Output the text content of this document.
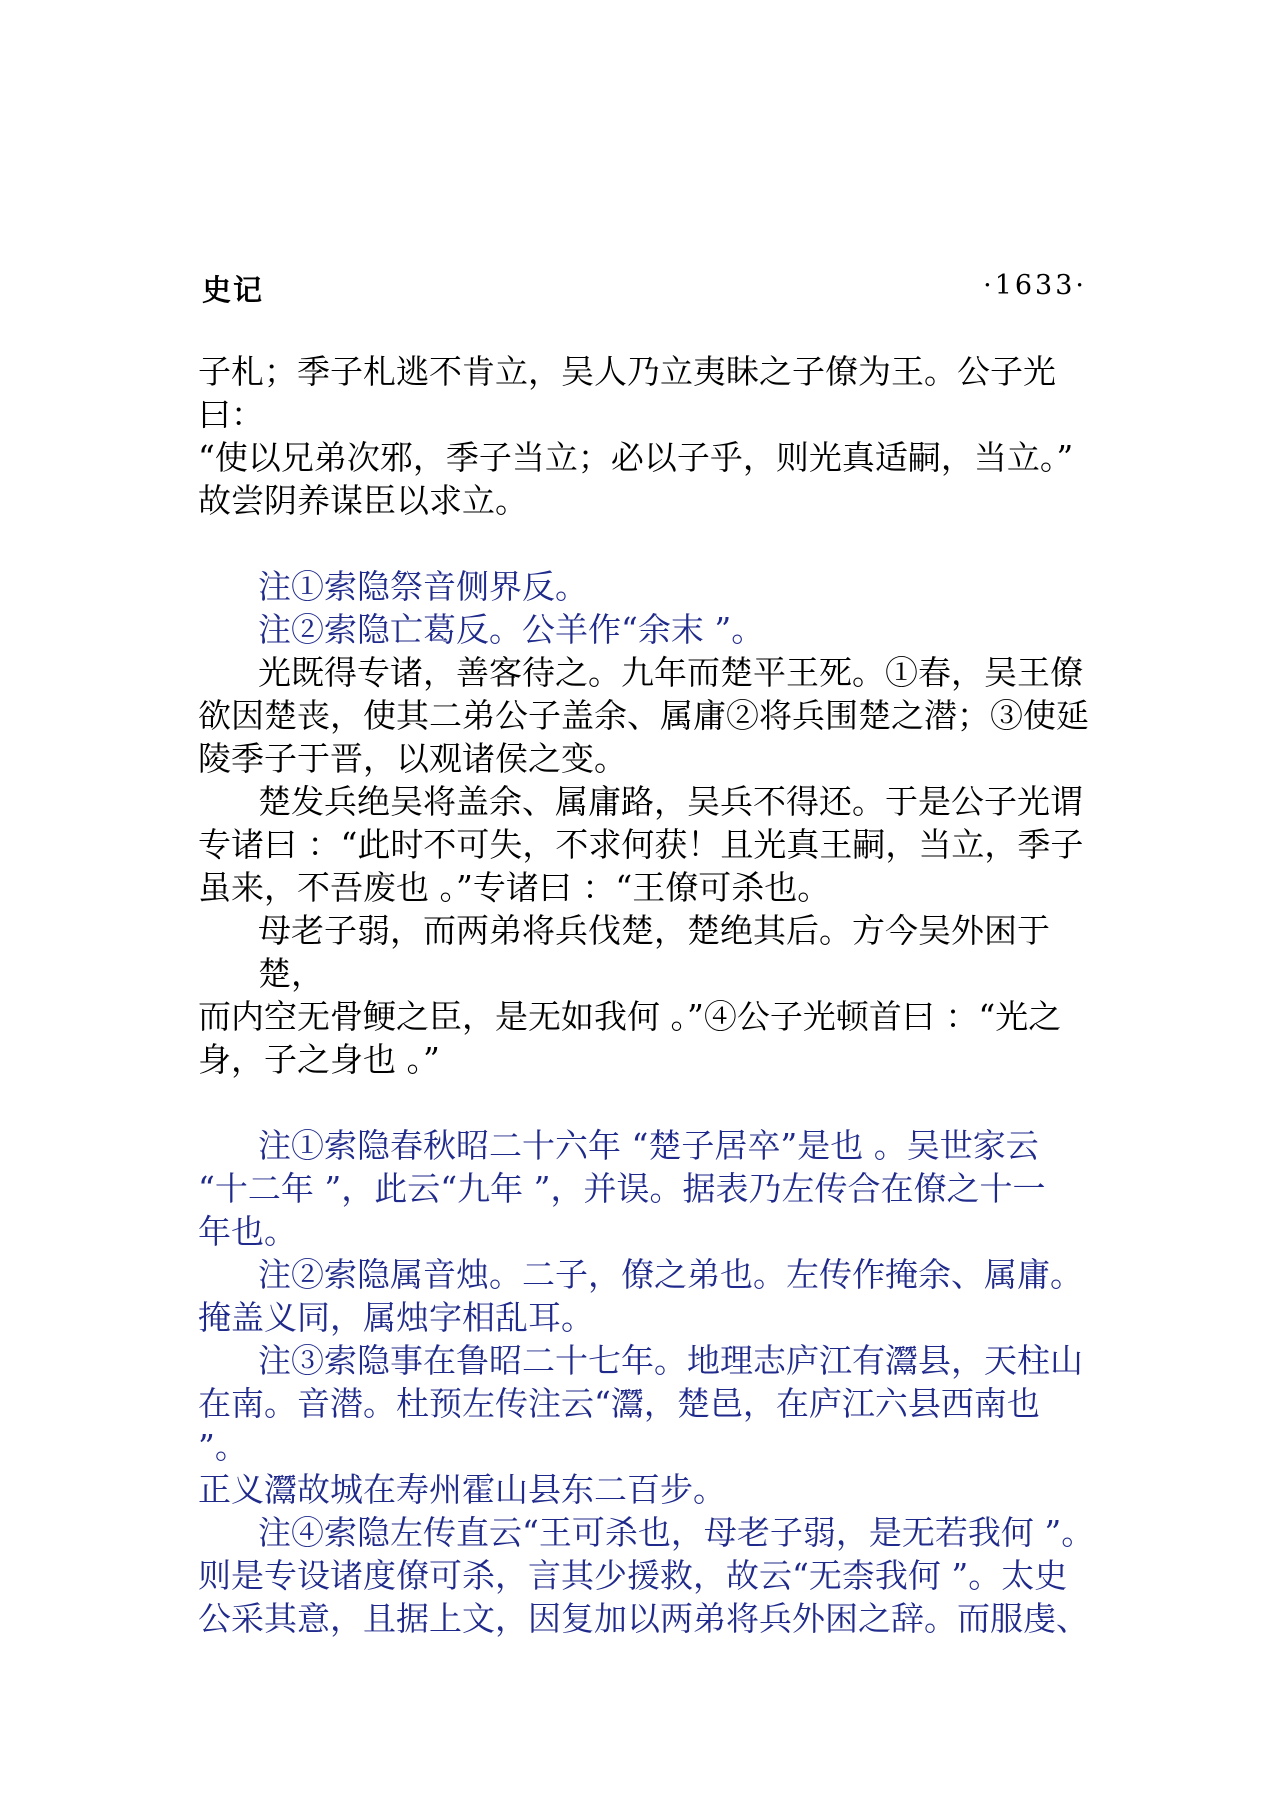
史记	·1633·
子札；季子札逃不肯立，吴人乃立夷眛之子僚为王。公子光曰：
“使以兄弟次邪，季子当立；必以子乎，则光真适嗣，当立。”
故尝阴养谋臣以求立。
注①索隐祭音侧界反。
注②索隐亡葛反。公羊作“余末 ”。
光既得专诸，善客待之。九年而楚平王死。①春，吴王僚
欲因楚丧，使其二弟公子盖余、属庸②将兵围楚之潜；③使延
陵季子于晋，以观诸侯之变。
楚发兵绝吴将盖余、属庸路，吴兵不得还。于是公子光谓
专诸曰 ：“此时不可失，不求何获！且光真王嗣，当立，季子
虽来，不吾废也 。”专诸曰 ：“王僚可杀也。
母老子弱，而两弟将兵伐楚，楚绝其后。方今吴外困于楚，
而内空无骨鲠之臣，是无如我何 。”④公子光顿首曰 ：“光之
身，子之身也 。”
注①索隐春秋昭二十六年 “楚子居卒”是也 。吴世家云
“十二年 ”，此云“九年 ”，并误。据表乃左传合在僚之十一
年也。
注②索隐属音烛。二子，僚之弟也。左传作掩余、属庸。
掩盖义同，属烛字相乱耳。
注③索隐事在鲁昭二十七年。地理志庐江有灊县，天柱山
在南。音潜。杜预左传注云“灊，楚邑，在庐江六县西南也 ”。
正义灊故城在寿州霍山县东二百步。
注④索隐左传直云“王可杀也，母老子弱，是无若我何 ”。
则是专设诸度僚可杀，言其少援救，故云“无柰我何 ”。太史
公采其意，且据上文，因复加以两弟将兵外困之辞。而服虔、
